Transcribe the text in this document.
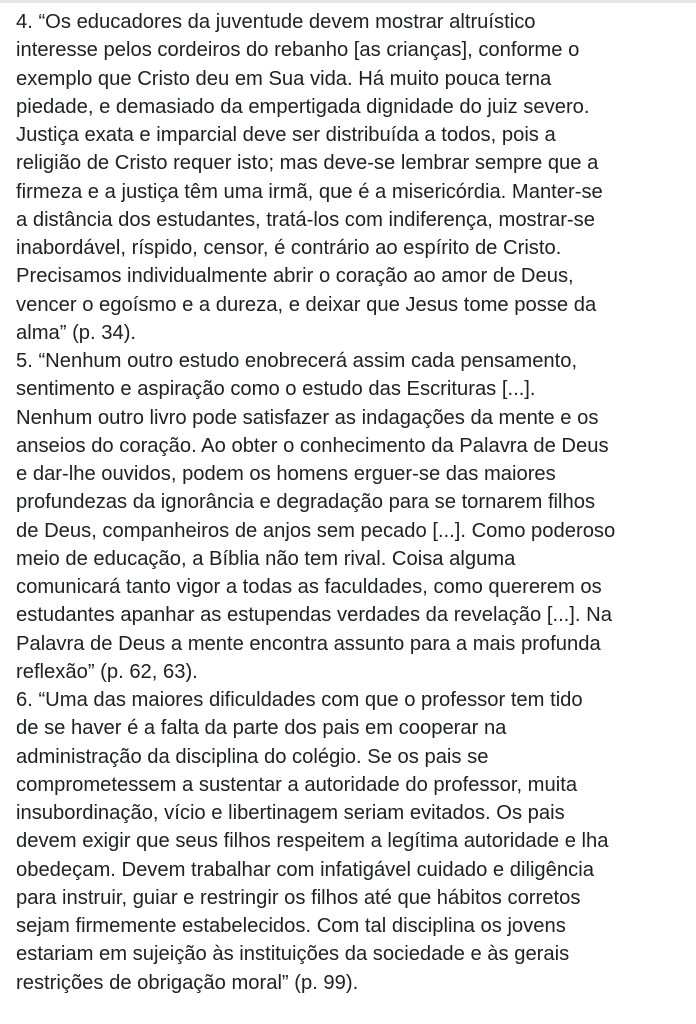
4. “Os educadores da juventude devem mostrar altruístico
interesse pelos cordeiros do rebanho [as crianças], conforme o
exemplo que Cristo deu em Sua vida. Há muito pouca terna
piedade, e demasiado da empertigada dignidade do juiz severo.
Justiça exata e imparcial deve ser distribuída a todos, pois a
religião de Cristo requer isto; mas deve-se lembrar sempre que a
firmeza e a justiça têm uma irmã, que é a misericórdia. Manter-se
a distância dos estudantes, tratá-los com indiferença, mostrar-se
inabordável, ríspido, censor, é contrário ao espírito de Cristo.
Precisamos individualmente abrir o coração ao amor de Deus,
vencer o egoísmo e a dureza, e deixar que Jesus tome posse da
alma” (p. 34).
5. “Nenhum outro estudo enobrecerá assim cada pensamento,
sentimento e aspiração como o estudo das Escrituras [...].
Nenhum outro livro pode satisfazer as indagações da mente e os
anseios do coração. Ao obter o conhecimento da Palavra de Deus
e dar-lhe ouvidos, podem os homens erguer-se das maiores
profundezas da ignorância e degradação para se tornarem filhos
de Deus, companheiros de anjos sem pecado [...]. Como poderoso
meio de educação, a Bíblia não tem rival. Coisa alguma
comunicará tanto vigor a todas as faculdades, como quererem os
estudantes apanhar as estupendas verdades da revelação [...]. Na
Palavra de Deus a mente encontra assunto para a mais profunda
reflexão” (p. 62, 63).
6. “Uma das maiores dificuldades com que o professor tem tido
de se haver é a falta da parte dos pais em cooperar na
administração da disciplina do colégio. Se os pais se
comprometessem a sustentar a autoridade do professor, muita
insubordinação, vício e libertinagem seriam evitados. Os pais
devem exigir que seus filhos respeitem a legítima autoridade e lha
obedeçam. Devem trabalhar com infatigável cuidado e diligência
para instruir, guiar e restringir os filhos até que hábitos corretos
sejam firmemente estabelecidos. Com tal disciplina os jovens
estariam em sujeição às instituições da sociedade e às gerais
restrições de obrigação moral” (p. 99).
